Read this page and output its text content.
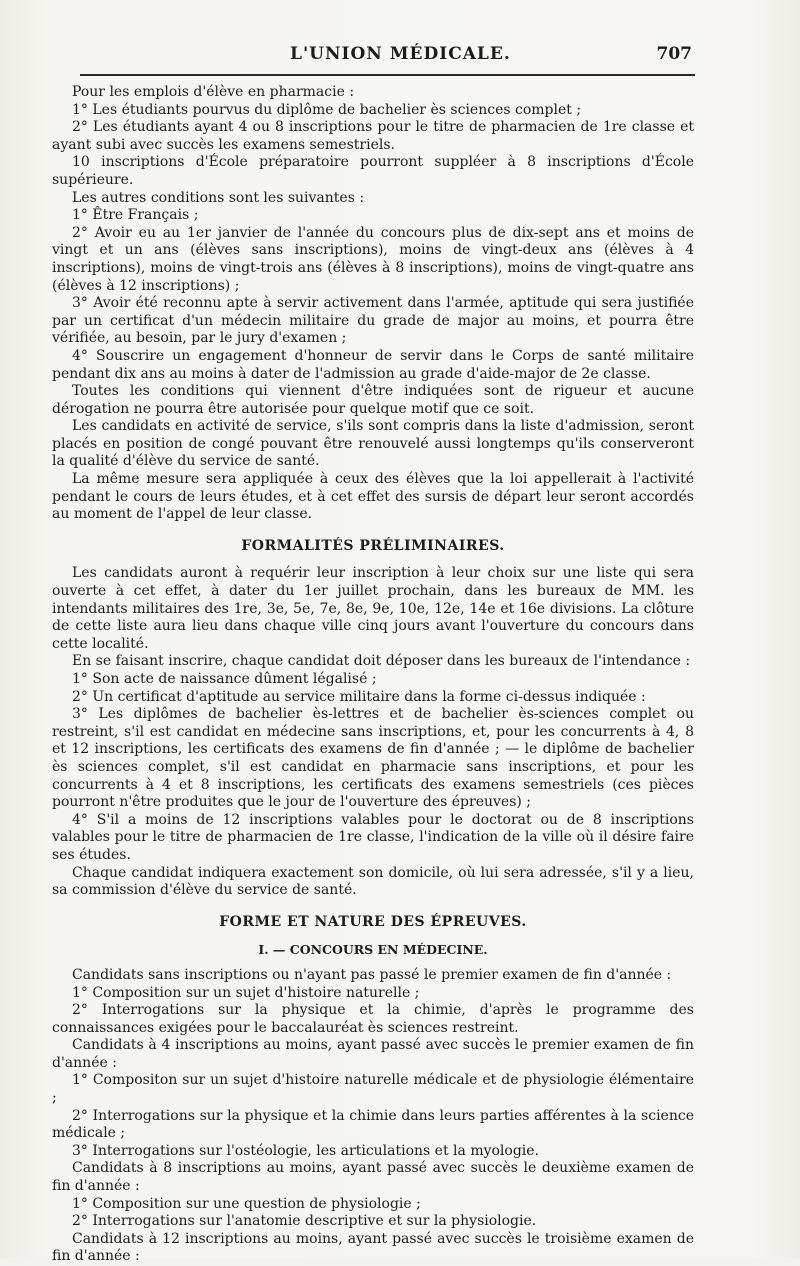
L'UNION MÉDICALE.	707

Pour les emplois d'élève en pharmacie :

1° Les étudiants pourvus du diplôme de bachelier ès sciences complet ;

2° Les étudiants ayant 4 ou 8 inscriptions pour le titre de pharmacien de 1re classe et ayant subi avec succès les examens semestriels.

10 inscriptions d'École préparatoire pourront suppléer à 8 inscriptions d'École supérieure.

Les autres conditions sont les suivantes :

1° Être Français ;

2° Avoir eu au 1er janvier de l'année du concours plus de dix-sept ans et moins de vingt et un ans (élèves sans inscriptions), moins de vingt-deux ans (élèves à 4 inscriptions), moins de vingt-trois ans (élèves à 8 inscriptions), moins de vingt-quatre ans (élèves à 12 inscriptions) ;

3° Avoir été reconnu apte à servir activement dans l'armée, aptitude qui sera justifiée par un certificat d'un médecin militaire du grade de major au moins, et pourra être vérifiée, au besoin, par le jury d'examen ;

4° Souscrire un engagement d'honneur de servir dans le Corps de santé militaire pendant dix ans au moins à dater de l'admission au grade d'aide-major de 2e classe.

Toutes les conditions qui viennent d'être indiquées sont de rigueur et aucune dérogation ne pourra être autorisée pour quelque motif que ce soit.

Les candidats en activité de service, s'ils sont compris dans la liste d'admission, seront placés en position de congé pouvant être renouvelé aussi longtemps qu'ils conserveront la qualité d'élève du service de santé.

La même mesure sera appliquée à ceux des élèves que la loi appellerait à l'activité pendant le cours de leurs études, et à cet effet des sursis de départ leur seront accordés au moment de l'appel de leur classe.

FORMALITÉS PRÉLIMINAIRES.

Les candidats auront à requérir leur inscription à leur choix sur une liste qui sera ouverte à cet effet, à dater du 1er juillet prochain, dans les bureaux de MM. les intendants militaires des 1re, 3e, 5e, 7e, 8e, 9e, 10e, 12e, 14e et 16e divisions. La clôture de cette liste aura lieu dans chaque ville cinq jours avant l'ouverture du concours dans cette localité.

En se faisant inscrire, chaque candidat doit déposer dans les bureaux de l'intendance :

1° Son acte de naissance dûment légalisé ;

2° Un certificat d'aptitude au service militaire dans la forme ci-dessus indiquée :

3° Les diplômes de bachelier ès-lettres et de bachelier ès-sciences complet ou restreint, s'il est candidat en médecine sans inscriptions, et, pour les concurrents à 4, 8 et 12 inscriptions, les certificats des examens de fin d'année ; — le diplôme de bachelier ès sciences complet, s'il est candidat en pharmacie sans inscriptions, et pour les concurrents à 4 et 8 inscriptions, les certificats des examens semestriels (ces pièces pourront n'être produites que le jour de l'ouverture des épreuves) ;

4° S'il a moins de 12 inscriptions valables pour le doctorat ou de 8 inscriptions valables pour le titre de pharmacien de 1re classe, l'indication de la ville où il désire faire ses études.

Chaque candidat indiquera exactement son domicile, où lui sera adressée, s'il y a lieu, sa commission d'élève du service de santé.

FORME ET NATURE DES ÉPREUVES.

I. — CONCOURS EN MÉDECINE.

Candidats sans inscriptions ou n'ayant pas passé le premier examen de fin d'année :

1° Composition sur un sujet d'histoire naturelle ;

2° Interrogations sur la physique et la chimie, d'après le programme des connaissances exigées pour le baccalauréat ès sciences restreint.

Candidats à 4 inscriptions au moins, ayant passé avec succès le premier examen de fin d'année :

1° Compositon sur un sujet d'histoire naturelle médicale et de physiologie élémentaire ;

2° Interrogations sur la physique et la chimie dans leurs parties afférentes à la science médicale ;

3° Interrogations sur l'ostéologie, les articulations et la myologie.

Candidats à 8 inscriptions au moins, ayant passé avec succès le deuxième examen de fin d'année :

1° Composition sur une question de physiologie ;

2° Interrogations sur l'anatomie descriptive et sur la physiologie.

Candidats à 12 inscriptions au moins, ayant passé avec succès le troisième examen de fin d'année :
